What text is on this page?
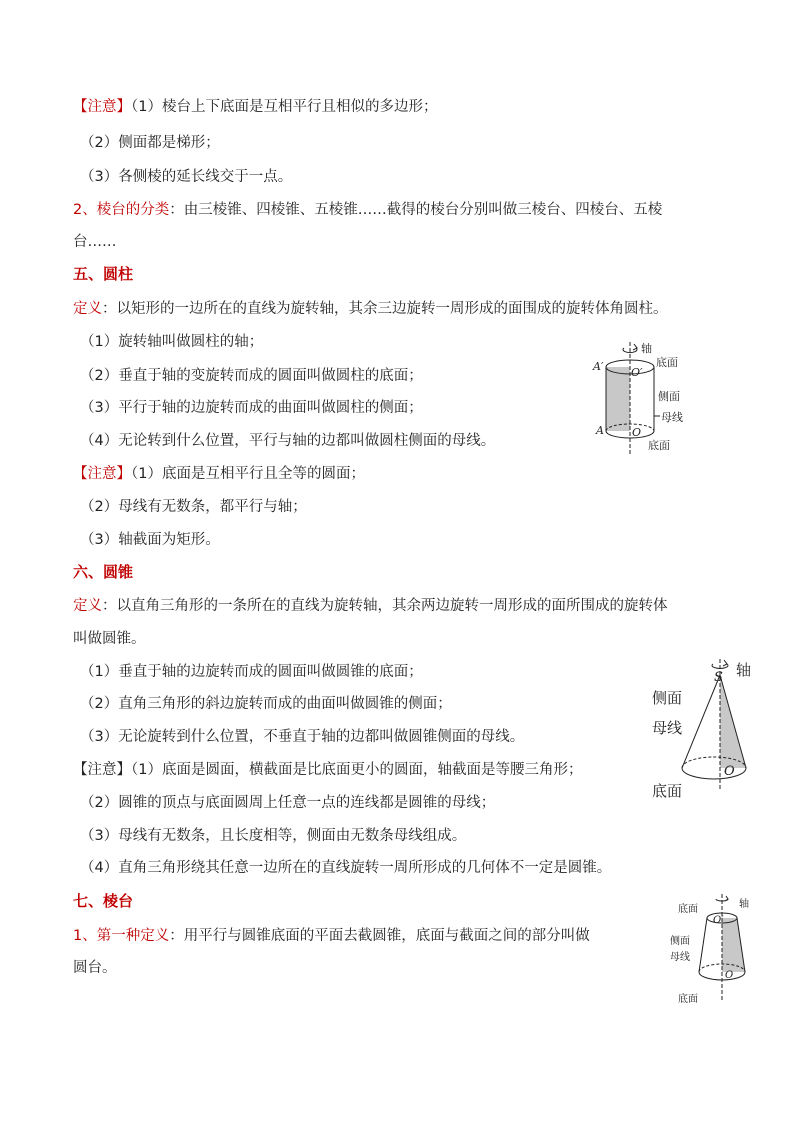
【注意】（1）棱台上下底面是互相平行且相似的多边形；
（2）侧面都是梯形；
（3）各侧棱的延长线交于一点。
2、棱台的分类：由三棱锥、四棱锥、五棱锥……截得的棱台分别叫做三棱台、四棱台、五棱
台……
五、圆柱
定义：以矩形的一边所在的直线为旋转轴，其余三边旋转一周形成的面围成的旋转体角圆柱。
（1）旋转轴叫做圆柱的轴；
（2）垂直于轴的变旋转而成的圆面叫做圆柱的底面；
（3）平行于轴的边旋转而成的曲面叫做圆柱的侧面；
（4）无论转到什么位置，平行与轴的边都叫做圆柱侧面的母线。
【注意】（1）底面是互相平行且全等的圆面；
（2）母线有无数条，都平行与轴；
（3）轴截面为矩形。
六、圆锥
定义：以直角三角形的一条所在的直线为旋转轴，其余两边旋转一周形成的面所围成的旋转体
叫做圆锥。
（1）垂直于轴的边旋转而成的圆面叫做圆锥的底面；
（2）直角三角形的斜边旋转而成的曲面叫做圆锥的侧面；
（3）无论旋转到什么位置，不垂直于轴的边都叫做圆锥侧面的母线。
【注意】（1）底面是圆面，横截面是比底面更小的圆面，轴截面是等腰三角形；
（2）圆锥的顶点与底面圆周上任意一点的连线都是圆锥的母线；
（3）母线有无数条，且长度相等，侧面由无数条母线组成。
（4）直角三角形绕其任意一边所在的直线旋转一周所形成的几何体不一定是圆锥。
七、棱台
1、第一种定义：用平行与圆锥底面的平面去截圆锥，底面与截面之间的部分叫做
圆台。
轴
底面
侧面
母线
底面
A′	O′
A	O
轴
S
侧面
母线
底面
O
底面	轴
侧面
母线
底面
O′
O
